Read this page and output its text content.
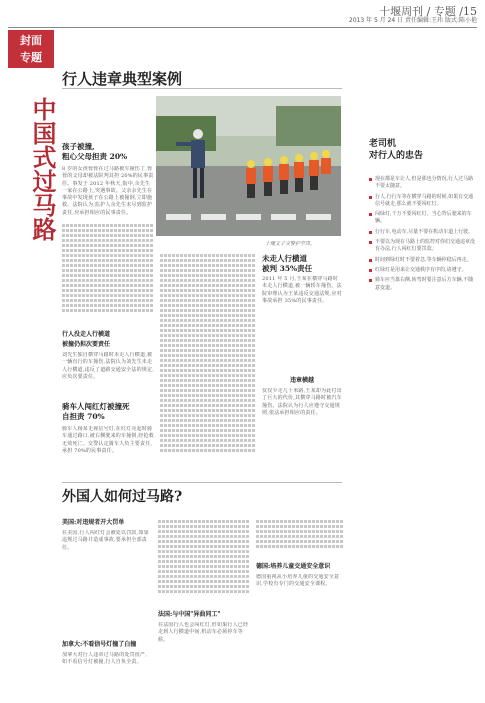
十堰周刊 / 专题 /15
2013 年 5 月 24 日 责任编辑:王玮 版式:陈小艳
封面
专题
中国式过马路
行人违章典型案例
孩子被撞,
粗心父母担责 20%
8 岁的女孩蓉蓉在过马路被车撞伤了,蓉蓉的父母却被法院判其担 20%的民事责任。事发于 2012 年秋天,街中,余先生一家在公路上,突遇事故。父亲余先生在事故中发现孩子在公路上被撞倒,立即施救。法院认为,监护人余先生未尽到监护责任,应承担相应的民事责任。
行人没走人行横道
被撞仍担次要责任
刘先生独自横穿马路时未走人行横道,被一辆直行的车撞伤,法院认为刘先生未走人行横道,违反了道路交通安全法的规定,应负次要责任。
骑车人闯红灯被撞死
自担责 70%
骑车人杨某无视信号灯,在红灯亮起时骑车通过路口,被右侧驶来的车撞倒,经抢救无效死亡。交警认定骑车人负主要责任,承担 70%的民事责任。
十堰文子交警护学岗。
未走人行横道
被判 35%责任
2011 年 5 月,王某在横穿马路时未走人行横道,被一辆轿车撞伤。法院审理认为王某违反交通法规,应对事故承担 35%的民事责任。
违章横越
仅仅少走几十米路,王某却为此付出了巨大的代价,其横穿马路时被汽车撞伤。法院认为行人应遵守交通规则,依法承担相应的责任。
老司机
对行人的忠告
现在都是车让人,但是那也分情况,行人过马路不要太随意。
行人,行行车等在横穿马路的时候,如果有交通信号就走,那么就不要闯红灯。
闯绿灯,千万不要闯红灯。当心背后驶来的车辆。
行行车,电动车,尽量不要在机动车道上行驶。
不要以为现在马路上的监控对你们交通违章没有办法,行人闯红灯要罚款。
时间到绿灯时不要着急,等车辆停稳后再走。
红绿灯是用来让交通秩序有序的,请遵守。
骑车应当靠右侧,转弯时要注意后方车辆,不随意变道。
外国人如何过马路?
美国:对违规者开大罚单
在美国,行人闯红灯会被处以罚款,如果违规过马路并造成事故,要承担全部责任。
加拿大:不看信号灯撞了白撞
加拿大对行人违章过马路的处罚很严,如不看信号灯被撞,行人自负全责。
法国:与中国"异曲同工"
在法国行人也会闯红灯,但如果行人已经走到人行横道中间,机动车必须停车等候。
德国:培养儿童交通安全意识
德国重视从小培养儿童的交通安全意识,学校有专门的交通安全课程。
